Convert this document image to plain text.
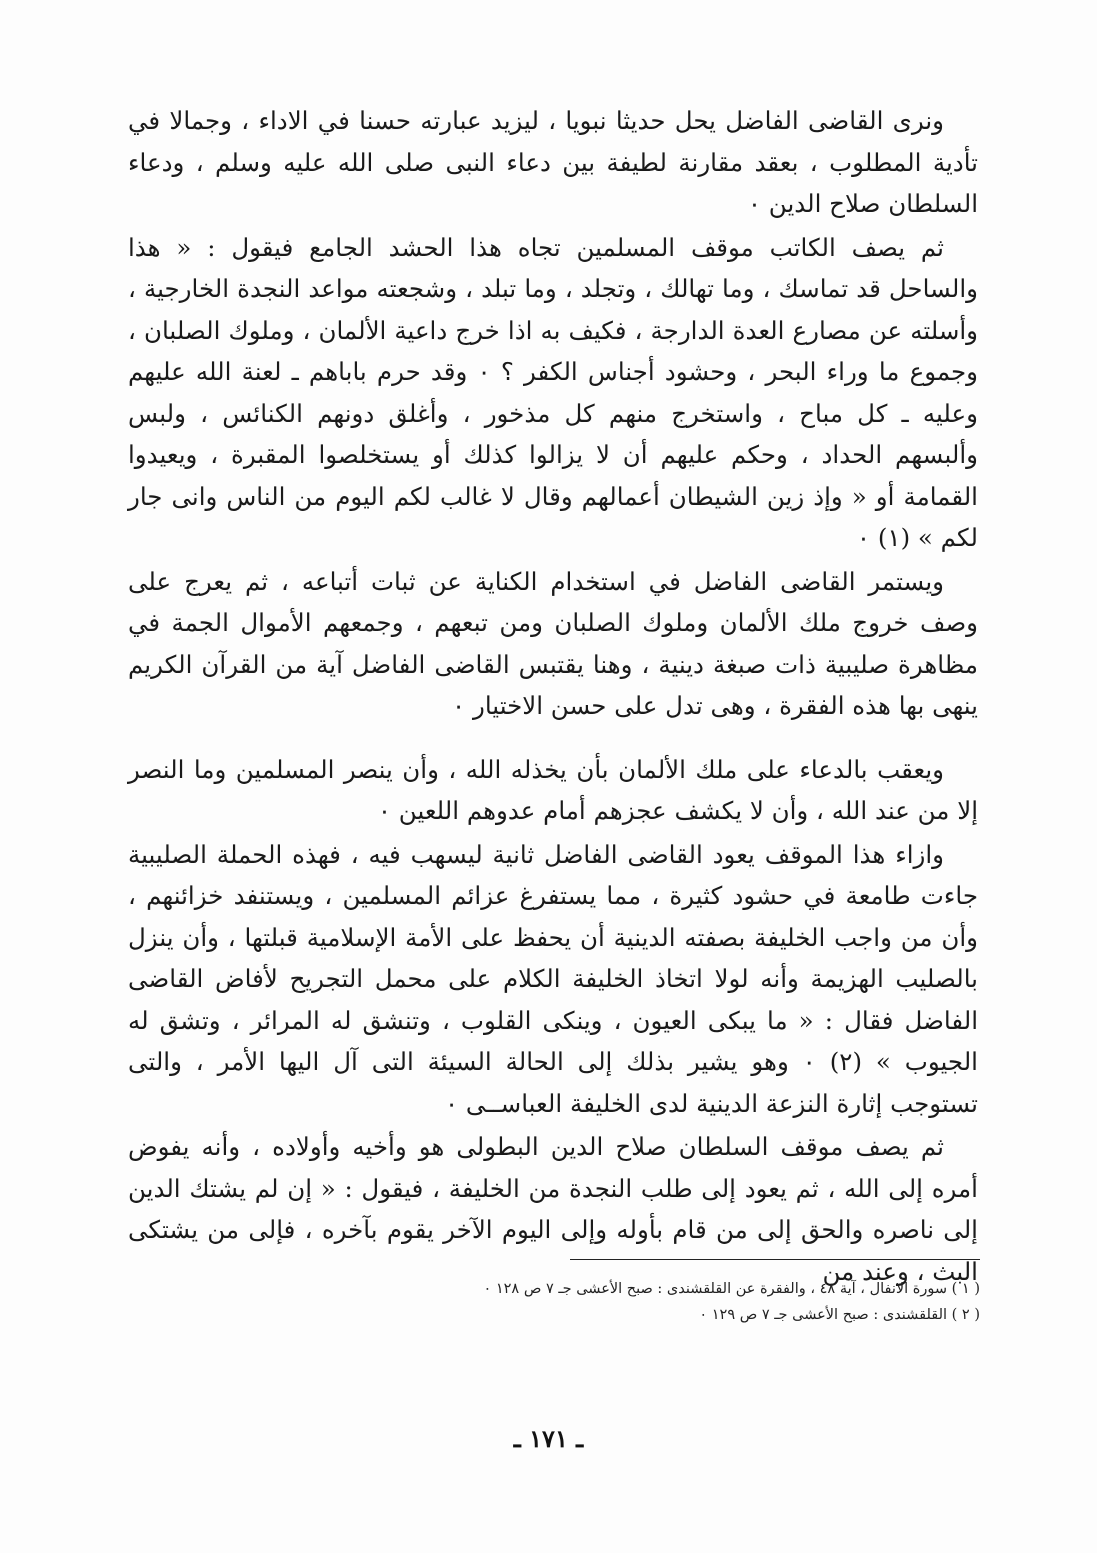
ونرى القاضى الفاضل يحل حديثا نبويا ، ليزيد عبارته حسنا في الاداء ، وجمالا في تأدية المطلوب ، بعقد مقارنة لطيفة بين دعاء النبى صلى الله عليه وسلم ، ودعاء السلطان صلاح الدين ٠

ثم يصف الكاتب موقف المسلمين تجاه هذا الحشد الجامع فيقول : « هذا والساحل قد تماسك ، وما تهالك ، وتجلد ، وما تبلد ، وشجعته مواعد النجدة الخارجية ، وأسلته عن مصارع العدة الدارجة ، فكيف به اذا خرج داعية الألمان ، وملوك الصلبان ، وجموع ما وراء البحر ، وحشود أجناس الكفر ؟ ٠ وقد حرم باباهم ـ لعنة الله عليهم وعليه ـ كل مباح ، واستخرج منهم كل مذخور ، وأغلق دونهم الكنائس ، ولبس وألبسهم الحداد ، وحكم عليهم أن لا يزالوا كذلك أو يستخلصوا المقبرة ، ويعيدوا القمامة أو « وإذ زين الشيطان أعمالهم وقال لا غالب لكم اليوم من الناس وانى جار لكم » (١) ٠

ويستمر القاضى الفاضل في استخدام الكناية عن ثبات أتباعه ، ثم يعرج على وصف خروج ملك الألمان وملوك الصلبان ومن تبعهم ، وجمعهم الأموال الجمة في مظاهرة صليبية ذات صبغة دينية ، وهنا يقتبس القاضى الفاضل آية من القرآن الكريم ينهى بها هذه الفقرة ، وهى تدل على حسن الاختيار ٠

ويعقب بالدعاء على ملك الألمان بأن يخذله الله ، وأن ينصر المسلمين وما النصر إلا من عند الله ، وأن لا يكشف عجزهم أمام عدوهم اللعين ٠

وازاء هذا الموقف يعود القاضى الفاضل ثانية ليسهب فيه ، فهذه الحملة الصليبية جاءت طامعة في حشود كثيرة ، مما يستفرغ عزائم المسلمين ، ويستنفد خزائنهم ، وأن من واجب الخليفة بصفته الدينية أن يحفظ على الأمة الإسلامية قبلتها ، وأن ينزل بالصليب الهزيمة وأنه لولا اتخاذ الخليفة الكلام على محمل التجريح لأفاض القاضى الفاضل فقال : « ما يبكى العيون ، وينكى القلوب ، وتنشق له المرائر ، وتشق له الجيوب » (٢) ٠ وهو يشير بذلك إلى الحالة السيئة التى آل اليها الأمر ، والتى تستوجب إثارة النزعة الدينية لدى الخليفة العباســى ٠

ثم يصف موقف السلطان صلاح الدين البطولى هو وأخيه وأولاده ، وأنه يفوض أمره إلى الله ، ثم يعود إلى طلب النجدة من الخليفة ، فيقول : « إن لم يشتك الدين إلى ناصره والحق إلى من قام بأوله وإلى اليوم الآخر يقوم بآخره ، فإلى من يشتكى البث ، وعند من

( ١ ) سورة الانفال ، آية ٤٨ ، والفقرة عن القلقشندى : صبح الأعشى جـ ٧ ص ١٢٨ ٠

( ٢ ) القلقشندى : صبح الأعشى جـ ٧ ص ١٢٩ ٠

ـ ١٧١ ـ
